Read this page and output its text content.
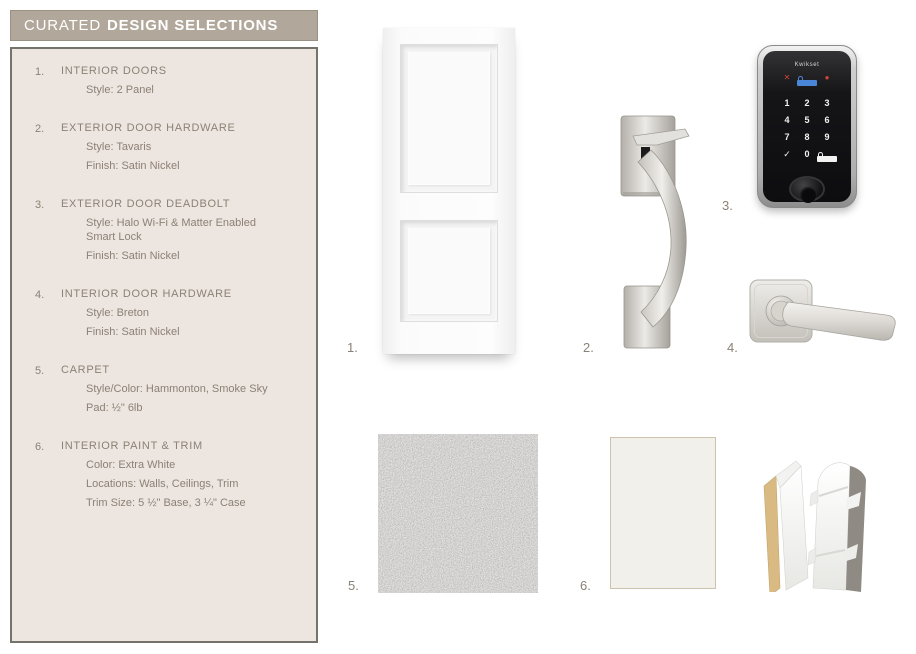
CURATED DESIGN SELECTIONS
1.	INTERIOR DOORS
Style: 2 Panel
2.	EXTERIOR DOOR HARDWARE
Style: Tavaris
Finish: Satin Nickel
3.	EXTERIOR DOOR DEADBOLT
Style: Halo Wi-Fi & Matter Enabled Smart Lock
Finish: Satin Nickel
4.	INTERIOR DOOR HARDWARE
Style: Breton
Finish: Satin Nickel
5.	CARPET
Style/Color: Hammonton, Smoke Sky
Pad: ½" 6lb
6.	INTERIOR PAINT & TRIM
Color: Extra White
Locations: Walls, Ceilings, Trim
Trim Size: 5 ½" Base, 3 ¼" Case
1.	2.
Kwikset
✕	●
1	2	3
4	5	6
7	8	9
✓	0
3.
4.
5.	6.
